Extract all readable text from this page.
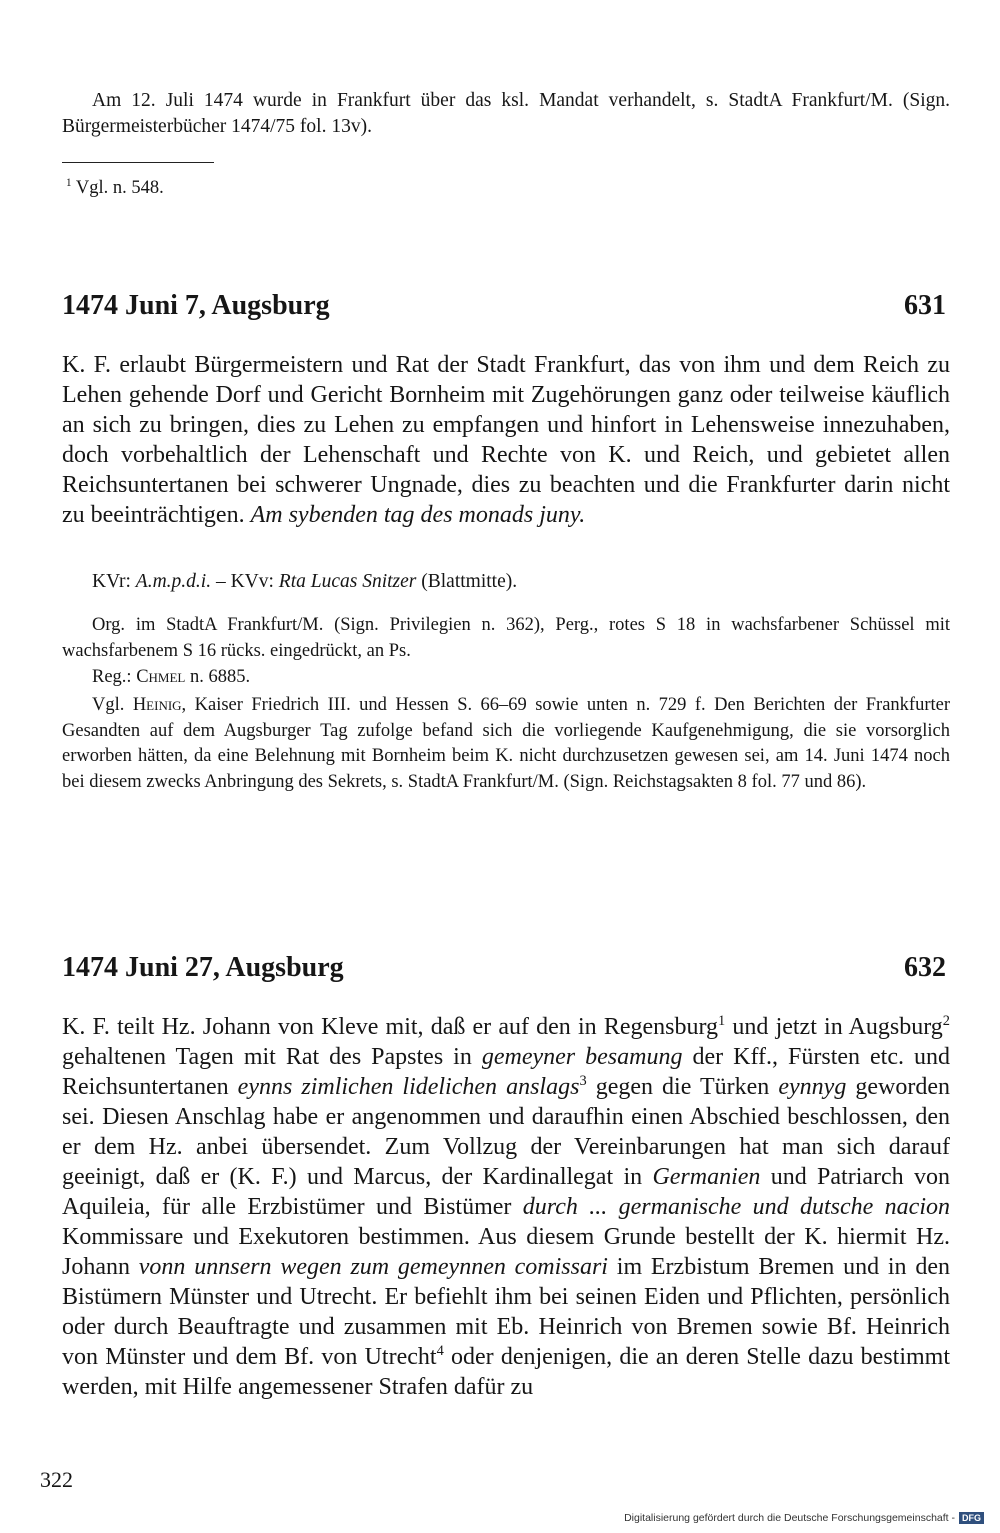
Am 12. Juli 1474 wurde in Frankfurt über das ksl. Mandat verhandelt, s. StadtA Frankfurt/M. (Sign. Bürgermeisterbücher 1474/75 fol. 13v).

$^1$ Vgl. n. 548.

1474 Juni 7, Augsburg	631

K. F. erlaubt Bürgermeistern und Rat der Stadt Frankfurt, das von ihm und dem Reich zu Lehen gehende Dorf und Gericht Bornheim mit Zugehörungen ganz oder teilweise käuflich an sich zu bringen, dies zu Lehen zu empfangen und hinfort in Lehensweise innezuhaben, doch vorbehaltlich der Lehenschaft und Rechte von K. und Reich, und gebietet allen Reichsuntertanen bei schwerer Ungnade, dies zu beachten und die Frankfurter darin nicht zu beeinträchtigen. Am sybenden tag des monads juny.

KVr: A.m.p.d.i. – KVv: Rta Lucas Snitzer (Blattmitte).

Org. im StadtA Frankfurt/M. (Sign. Privilegien n. 362), Perg., rotes S 18 in wachsfarbener Schüssel mit wachsfarbenem S 16 rücks. eingedrückt, an Ps.

Reg.: Chmel n. 6885.

Vgl. Heinig, Kaiser Friedrich III. und Hessen S. 66–69 sowie unten n. 729 f. Den Berichten der Frankfurter Gesandten auf dem Augsburger Tag zufolge befand sich die vorliegende Kaufgenehmigung, die sie vorsorglich erworben hätten, da eine Belehnung mit Bornheim beim K. nicht durchzusetzen gewesen sei, am 14. Juni 1474 noch bei diesem zwecks Anbringung des Sekrets, s. StadtA Frankfurt/M. (Sign. Reichstagsakten 8 fol. 77 und 86).

1474 Juni 27, Augsburg	632

K. F. teilt Hz. Johann von Kleve mit, daß er auf den in Regensburg$^1$ und jetzt in Augsburg$^2$ gehaltenen Tagen mit Rat des Papstes in gemeyner besamung der Kff., Fürsten etc. und Reichsuntertanen eynns zimlichen lidelichen anslags$^3$ gegen die Türken eynnyg geworden sei. Diesen Anschlag habe er angenommen und daraufhin einen Abschied beschlossen, den er dem Hz. anbei übersendet. Zum Vollzug der Vereinbarungen hat man sich darauf geeinigt, daß er (K. F.) und Marcus, der Kardinallegat in Germanien und Patriarch von Aquileia, für alle Erzbistümer und Bistümer durch ... germanische und dutsche nacion Kommissare und Exekutoren bestimmen. Aus diesem Grunde bestellt der K. hiermit Hz. Johann vonn unnsern wegen zum gemeynnen comissari im Erzbistum Bremen und in den Bistümern Münster und Utrecht. Er befiehlt ihm bei seinen Eiden und Pflichten, persönlich oder durch Beauftragte und zusammen mit Eb. Heinrich von Bremen sowie Bf. Heinrich von Münster und dem Bf. von Utrecht$^4$ oder denjenigen, die an deren Stelle dazu bestimmt werden, mit Hilfe angemessener Strafen dafür zu

322
Digitalisierung gefördert durch die Deutsche Forschungsgemeinschaft - DFG
